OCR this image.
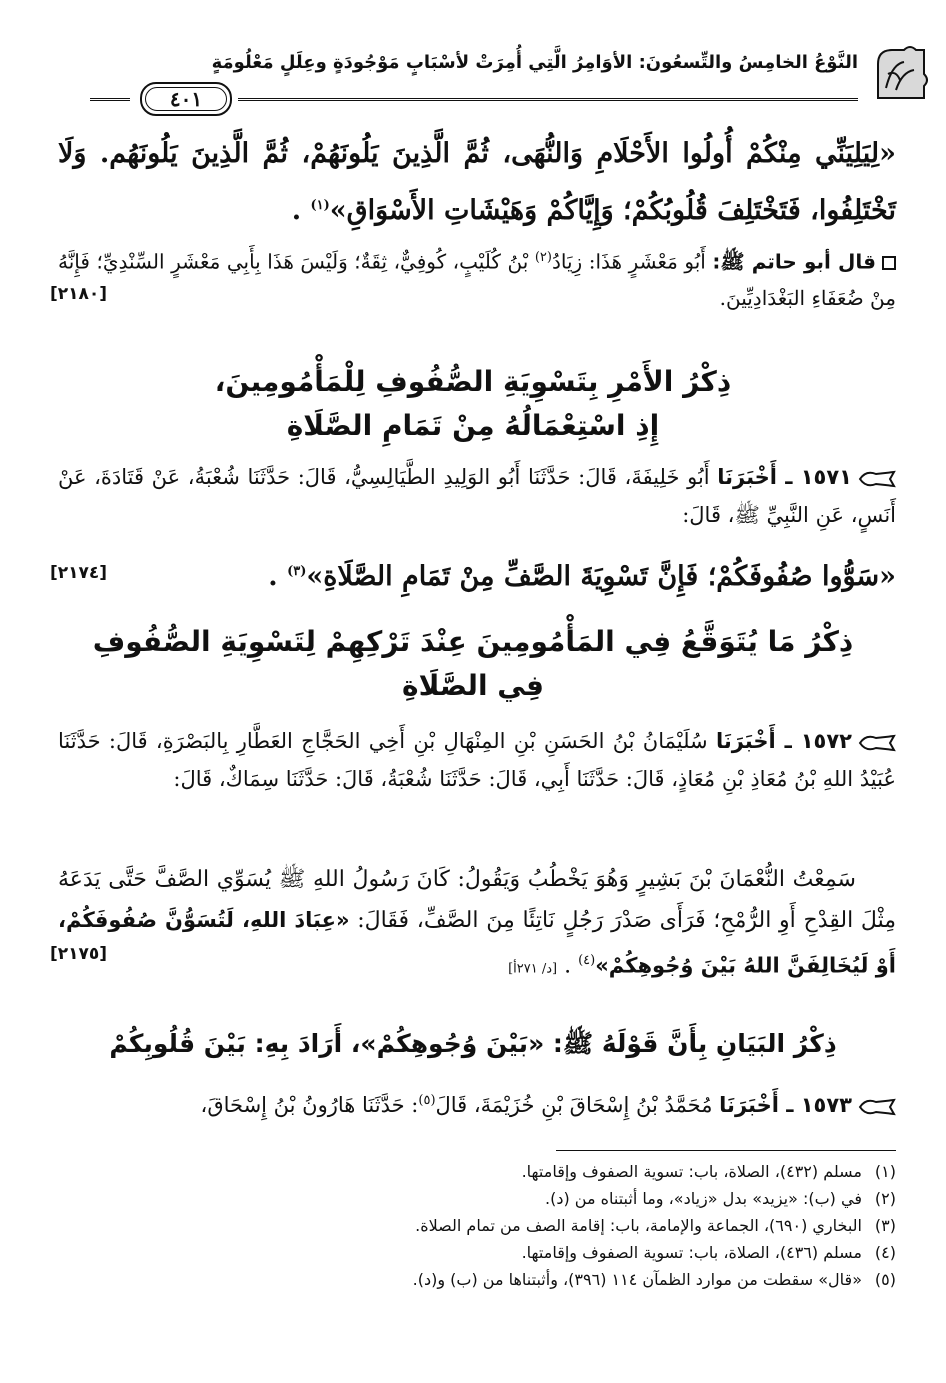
النَّوْعُ الخامِسُ والتِّسعُونَ: الأوَامِرُ الَّتِي أُمِرَتْ لأسْبَابٍ مَوْجُودَةٍ وعِلَلٍ مَعْلُومَةٍ
٤٠١
«لِيَلِيَنِّي مِنْكُمْ أُولُوا الأَحْلَامِ وَالنُّهَى، ثُمَّ الَّذِينَ يَلُونَهُمْ، ثُمَّ الَّذِينَ يَلُونَهُم. وَلَا تَخْتَلِفُوا، فَتَخْتَلِفَ قُلُوبُكُمْ؛ وَإِيَّاكُمْ وَهَيْشَاتِ الأَسْوَاقِ»$^{(١)}$ .
قال أبو حاتم ﷺ: أَبُو مَعْشَرٍ هَذَا: زِيَادُ$^{(٢)}$ بْنُ كُلَيْبٍ، كُوفِيٌّ، ثِقَةٌ؛ وَلَيْسَ هَذَا بِأَبِي مَعْشَرٍ السِّنْدِيِّ؛ فَإِنَّهُ مِنْ ضُعَفَاءِ البَغْدَادِيِّينَ.
[٢١٨٠]
ذِكْرُ الأَمْرِ بِتَسْوِيَةِ الصُّفُوفِ لِلْمَأْمُومِينَ،
إِذِ اسْتِعْمَالُهُ مِنْ تَمَامِ الصَّلَاةِ
١٥٧١ ـ أَخْبَرَنَا أَبُو خَلِيفَةَ، قَالَ: حَدَّثَنَا أَبُو الوَلِيدِ الطَّيَالِسِيُّ، قَالَ: حَدَّثَنَا شُعْبَةُ، عَنْ قَتَادَةَ، عَنْ أَنَسٍ، عَنِ النَّبِيِّ ﷺ، قَالَ:
«سَوُّوا صُفُوفَكُمْ؛ فَإِنَّ تَسْوِيَةَ الصَّفِّ مِنْ تَمَامِ الصَّلَاةِ»$^{(٣)}$ .
[٢١٧٤]
ذِكْرُ مَا يُتَوَقَّعُ فِي المَأْمُومِينَ عِنْدَ تَرْكِهِمْ لِتَسْوِيَةِ الصُّفُوفِ
فِي الصَّلَاةِ
١٥٧٢ ـ أَخْبَرَنَا سُلَيْمَانُ بْنُ الحَسَنِ بْنِ المِنْهَالِ بْنِ أَخِي الحَجَّاجِ العَطَّارِ بِالبَصْرَةِ، قَالَ: حَدَّثَنَا عُبَيْدُ اللهِ بْنُ مُعَاذِ بْنِ مُعَاذٍ، قَالَ: حَدَّثَنَا أَبِي، قَالَ: حَدَّثَنَا شُعْبَةُ، قَالَ: حَدَّثَنَا سِمَاكٌ، قَالَ:
سَمِعْتُ النُّعْمَانَ بْنَ بَشِيرٍ وَهُوَ يَخْطُبُ وَيَقُولُ: كَانَ رَسُولُ اللهِ ﷺ يُسَوِّي الصَّفَّ حَتَّى يَدَعَهُ مِثْلَ القِدْحِ أَوِ الرُّمْحِ؛ فَرَأَى صَدْرَ رَجُلٍ نَاتِئًا مِنَ الصَّفِّ، فَقَالَ: «عِبَادَ اللهِ، لَتُسَوُّنَّ صُفُوفَكُمْ، أَوْ لَيُخَالِفَنَّ اللهُ بَيْنَ وُجُوهِكُمْ»$^{(٤)}$ . [د/ ٢٧١أ]
[٢١٧٥]
ذِكْرُ البَيَانِ بِأَنَّ قَوْلَهُ ﷺ: «بَيْنَ وُجُوهِكُمْ»، أَرَادَ بِهِ: بَيْنَ قُلُوبِكُمْ
١٥٧٣ ـ أَخْبَرَنَا مُحَمَّدُ بْنُ إِسْحَاقَ بْنِ خُزَيْمَةَ، قَالَ$^{(٥)}$: حَدَّثَنَا هَارُونُ بْنُ إِسْحَاقَ،
(١)مسلم (٤٣٢)، الصلاة، باب: تسوية الصفوف وإقامتها.
(٢)في (ب): «يزيد» بدل «زياد»، وما أثبتناه من (د).
(٣)البخاري (٦٩٠)، الجماعة والإمامة، باب: إقامة الصف من تمام الصلاة.
(٤)مسلم (٤٣٦)، الصلاة، باب: تسوية الصفوف وإقامتها.
(٥)«قال» سقطت من موارد الظمآن ١١٤ (٣٩٦)، وأثبتناها من (ب) و(د).
